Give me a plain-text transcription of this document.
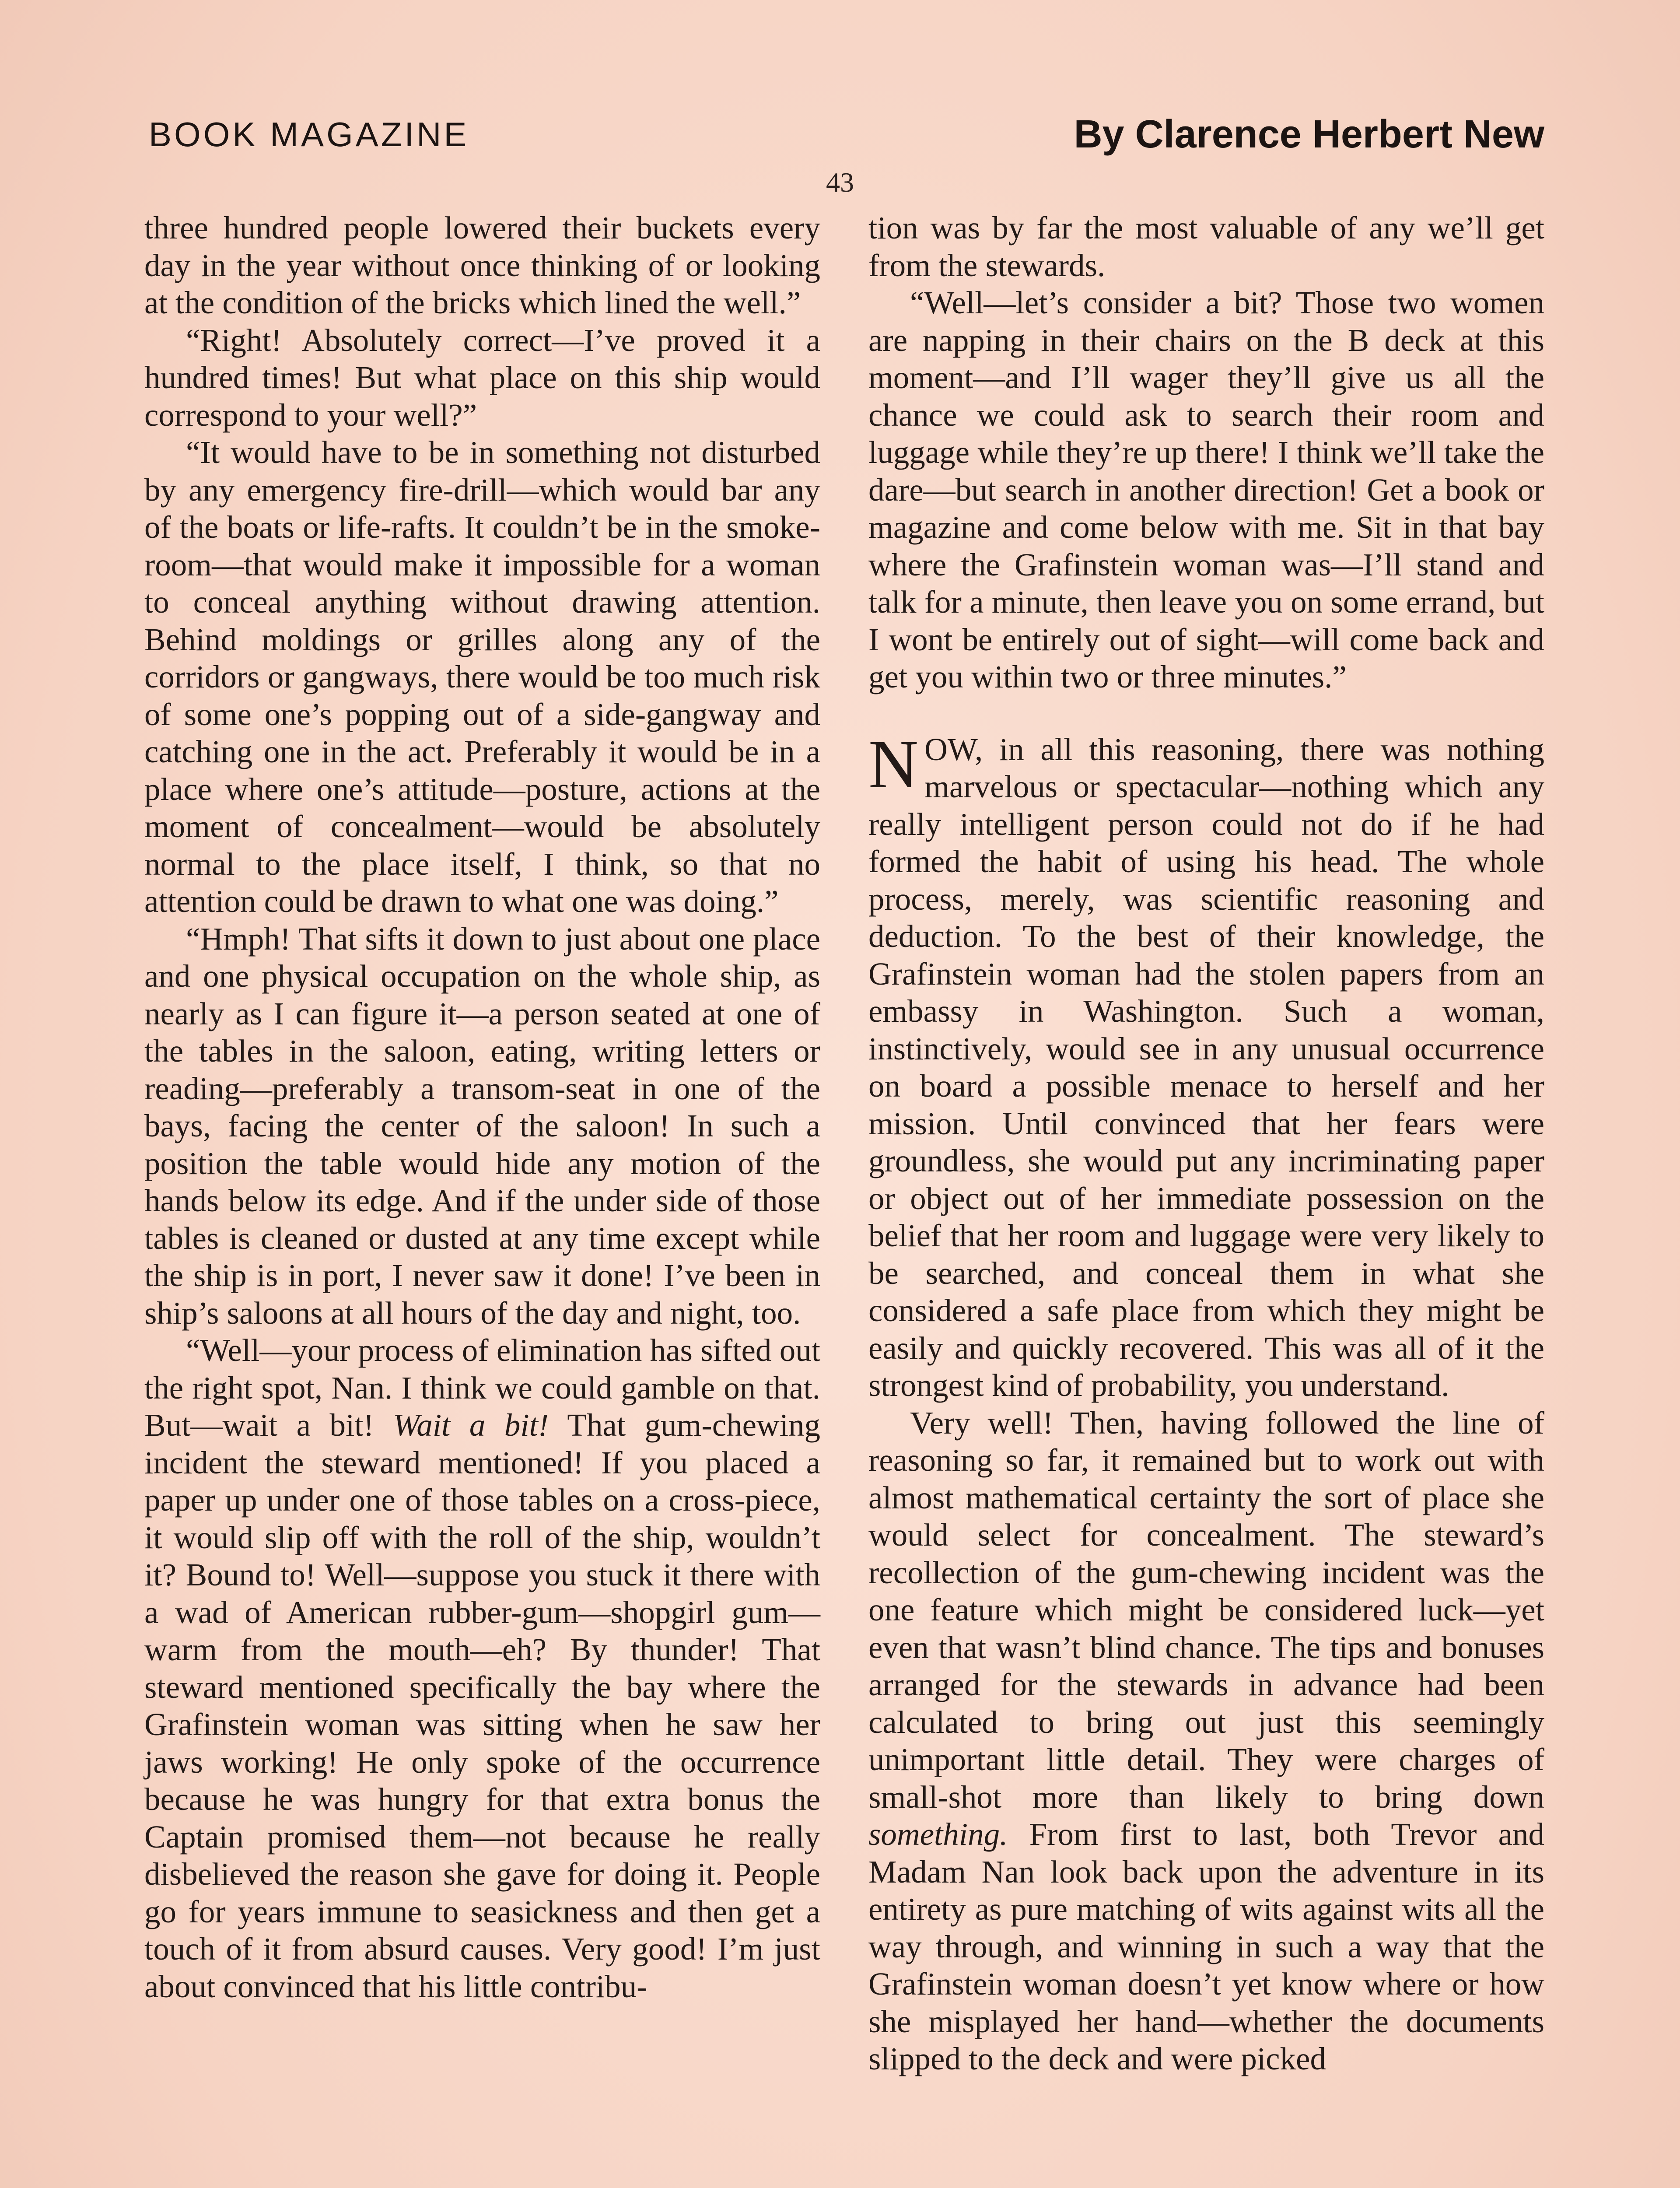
BOOK MAGAZINE	By Clarence Herbert New
43

three hundred people lowered their buckets every day in the year without once thinking of or looking at the condition of the bricks which lined the well.”

“Right! Absolutely correct—I’ve proved it a hundred times! But what place on this ship would correspond to your well?”

“It would have to be in something not disturbed by any emergency fire-drill—which would bar any of the boats or life-rafts. It couldn’t be in the smoke-room—that would make it impossible for a woman to conceal anything without drawing attention. Behind moldings or grilles along any of the corridors or gangways, there would be too much risk of some one’s popping out of a side-gangway and catching one in the act. Preferably it would be in a place where one’s attitude—posture, actions at the moment of concealment—would be absolutely normal to the place itself, I think, so that no attention could be drawn to what one was doing.”

“Hmph! That sifts it down to just about one place and one physical occupation on the whole ship, as nearly as I can figure it—a person seated at one of the tables in the saloon, eating, writing letters or reading—preferably a transom-seat in one of the bays, facing the center of the saloon! In such a position the table would hide any motion of the hands below its edge. And if the under side of those tables is cleaned or dusted at any time except while the ship is in port, I never saw it done! I’ve been in ship’s saloons at all hours of the day and night, too.

“Well—your process of elimination has sifted out the right spot, Nan. I think we could gamble on that. But—wait a bit! Wait a bit! That gum-chewing incident the steward mentioned! If you placed a paper up under one of those tables on a cross-piece, it would slip off with the roll of the ship, wouldn’t it? Bound to! Well—suppose you stuck it there with a wad of American rubber-gum—shopgirl gum—warm from the mouth—eh? By thunder! That steward mentioned specifically the bay where the Grafinstein woman was sitting when he saw her jaws working! He only spoke of the occurrence because he was hungry for that extra bonus the Captain promised them—not because he really disbelieved the reason she gave for doing it. People go for years immune to seasickness and then get a touch of it from absurd causes. Very good! I’m just about convinced that his little contribu-

tion was by far the most valuable of any we’ll get from the stewards.

“Well—let’s consider a bit? Those two women are napping in their chairs on the B deck at this moment—and I’ll wager they’ll give us all the chance we could ask to search their room and luggage while they’re up there! I think we’ll take the dare—but search in another direction! Get a book or magazine and come below with me. Sit in that bay where the Grafinstein woman was—I’ll stand and talk for a minute, then leave you on some errand, but I wont be entirely out of sight—will come back and get you within two or three minutes.”

NOW, in all this reasoning, there was nothing marvelous or spectacular—nothing which any really intelligent person could not do if he had formed the habit of using his head. The whole process, merely, was scientific reasoning and deduction. To the best of their knowledge, the Grafinstein woman had the stolen papers from an embassy in Washington. Such a woman, instinctively, would see in any unusual occurrence on board a possible menace to herself and her mission. Until convinced that her fears were groundless, she would put any incriminating paper or object out of her immediate possession on the belief that her room and luggage were very likely to be searched, and conceal them in what she considered a safe place from which they might be easily and quickly recovered. This was all of it the strongest kind of probability, you understand.

Very well! Then, having followed the line of reasoning so far, it remained but to work out with almost mathematical certainty the sort of place she would select for concealment. The steward’s recollection of the gum-chewing incident was the one feature which might be considered luck—yet even that wasn’t blind chance. The tips and bonuses arranged for the stewards in advance had been calculated to bring out just this seemingly unimportant little detail. They were charges of small-shot more than likely to bring down something. From first to last, both Trevor and Madam Nan look back upon the adventure in its entirety as pure matching of wits against wits all the way through, and winning in such a way that the Grafinstein woman doesn’t yet know where or how she misplayed her hand—whether the documents slipped to the deck and were picked
